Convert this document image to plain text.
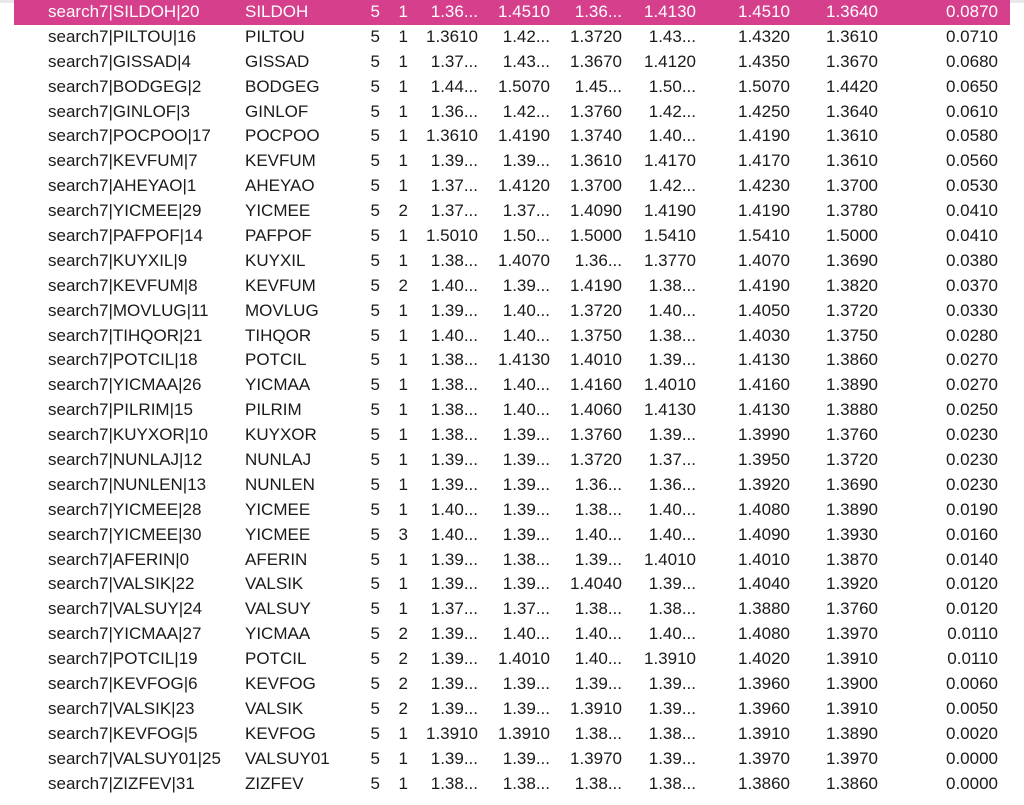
search7|SILDOH|20	SILDOH	5	1	1.36...	1.4510	1.36...	1.4130	1.4510	1.3640	0.0870
search7|PILTOU|16	PILTOU	5	1	1.3610	1.42...	1.3720	1.43...	1.4320	1.3610	0.0710
search7|GISSAD|4	GISSAD	5	1	1.37...	1.43...	1.3670	1.4120	1.4350	1.3670	0.0680
search7|BODGEG|2	BODGEG	5	1	1.44...	1.5070	1.45...	1.50...	1.5070	1.4420	0.0650
search7|GINLOF|3	GINLOF	5	1	1.36...	1.42...	1.3760	1.42...	1.4250	1.3640	0.0610
search7|POCPOO|17	POCPOO	5	1	1.3610	1.4190	1.3740	1.40...	1.4190	1.3610	0.0580
search7|KEVFUM|7	KEVFUM	5	1	1.39...	1.39...	1.3610	1.4170	1.4170	1.3610	0.0560
search7|AHEYAO|1	AHEYAO	5	1	1.37...	1.4120	1.3700	1.42...	1.4230	1.3700	0.0530
search7|YICMEE|29	YICMEE	5	2	1.37...	1.37...	1.4090	1.4190	1.4190	1.3780	0.0410
search7|PAFPOF|14	PAFPOF	5	1	1.5010	1.50...	1.5000	1.5410	1.5410	1.5000	0.0410
search7|KUYXIL|9	KUYXIL	5	1	1.38...	1.4070	1.36...	1.3770	1.4070	1.3690	0.0380
search7|KEVFUM|8	KEVFUM	5	2	1.40...	1.39...	1.4190	1.38...	1.4190	1.3820	0.0370
search7|MOVLUG|11	MOVLUG	5	1	1.39...	1.40...	1.3720	1.40...	1.4050	1.3720	0.0330
search7|TIHQOR|21	TIHQOR	5	1	1.40...	1.40...	1.3750	1.38...	1.4030	1.3750	0.0280
search7|POTCIL|18	POTCIL	5	1	1.38...	1.4130	1.4010	1.39...	1.4130	1.3860	0.0270
search7|YICMAA|26	YICMAA	5	1	1.38...	1.40...	1.4160	1.4010	1.4160	1.3890	0.0270
search7|PILRIM|15	PILRIM	5	1	1.38...	1.40...	1.4060	1.4130	1.4130	1.3880	0.0250
search7|KUYXOR|10	KUYXOR	5	1	1.38...	1.39...	1.3760	1.39...	1.3990	1.3760	0.0230
search7|NUNLAJ|12	NUNLAJ	5	1	1.39...	1.39...	1.3720	1.37...	1.3950	1.3720	0.0230
search7|NUNLEN|13	NUNLEN	5	1	1.39...	1.39...	1.36...	1.36...	1.3920	1.3690	0.0230
search7|YICMEE|28	YICMEE	5	1	1.40...	1.39...	1.38...	1.40...	1.4080	1.3890	0.0190
search7|YICMEE|30	YICMEE	5	3	1.40...	1.39...	1.40...	1.40...	1.4090	1.3930	0.0160
search7|AFERIN|0	AFERIN	5	1	1.39...	1.38...	1.39...	1.4010	1.4010	1.3870	0.0140
search7|VALSIK|22	VALSIK	5	1	1.39...	1.39...	1.4040	1.39...	1.4040	1.3920	0.0120
search7|VALSUY|24	VALSUY	5	1	1.37...	1.37...	1.38...	1.38...	1.3880	1.3760	0.0120
search7|YICMAA|27	YICMAA	5	2	1.39...	1.40...	1.40...	1.40...	1.4080	1.3970	0.0110
search7|POTCIL|19	POTCIL	5	2	1.39...	1.4010	1.40...	1.3910	1.4020	1.3910	0.0110
search7|KEVFOG|6	KEVFOG	5	2	1.39...	1.39...	1.39...	1.39...	1.3960	1.3900	0.0060
search7|VALSIK|23	VALSIK	5	2	1.39...	1.39...	1.3910	1.39...	1.3960	1.3910	0.0050
search7|KEVFOG|5	KEVFOG	5	1	1.3910	1.3910	1.38...	1.38...	1.3910	1.3890	0.0020
search7|VALSUY01|25	VALSUY01	5	1	1.39...	1.39...	1.3970	1.39...	1.3970	1.3970	0.0000
search7|ZIZFEV|31	ZIZFEV	5	1	1.38...	1.38...	1.38...	1.38...	1.3860	1.3860	0.0000
